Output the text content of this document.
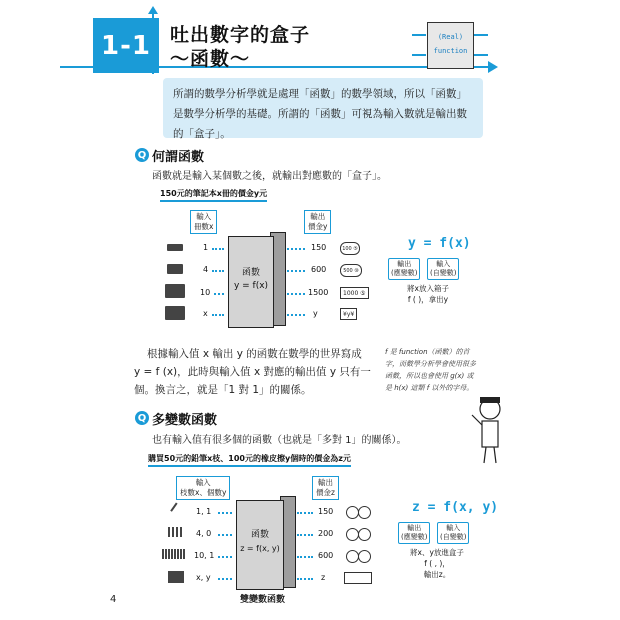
1-1	吐出數字的盒子
～函數～
(Real)
function
所謂的數學分析學就是處理「函數」的數學領域，所以「函數」是數學分析學的基礎。所謂的「函數」可視為輸入數就是輸出數的「盒子」。
Q 何謂函數
函數就是輸入某個數之後，就輸出對應數的「盒子」。
150元的筆記本x冊的價金y元
輸入
冊數x
輸出
價金y
函數
y = f(x)
1
4
10
x
150
600
1500
y
100 ⑤
500 ⑩
1000 ⑤
¥y¥
y = f(x)
輸出
(應變數)
輸入
(自變數)
將x放入箱子
f ( )，拿出y
根據輸入值 x 輸出 y 的函數在數學的世界寫成
y = f (x)，此時與輸入值 x 對應的輸出值 y 只有一
個。換言之，就是「1 對 1」的關係。
f 是 function（函數）的首字，而數學分析學會使用很多函數，所以也會使用 g(x) 或是 h(x) 這類 f 以外的字母。
Q 多變數函數
也有輸入值有很多個的函數（也就是「多對 1」的關係）。
購買50元的鉛筆x枝、100元的橡皮擦y個時的價金為z元
輸入
枝數x、個數y
輸出
價金z
函數
z = f(x, y)
1, 1
4, 0
10, 1
x, y
150
200
600
z
z = f(x, y)
輸出
(應變數)
輸入
(自變數)
將x、y放進盒子
f ( , )，
輸出z。
雙變數函數
4
